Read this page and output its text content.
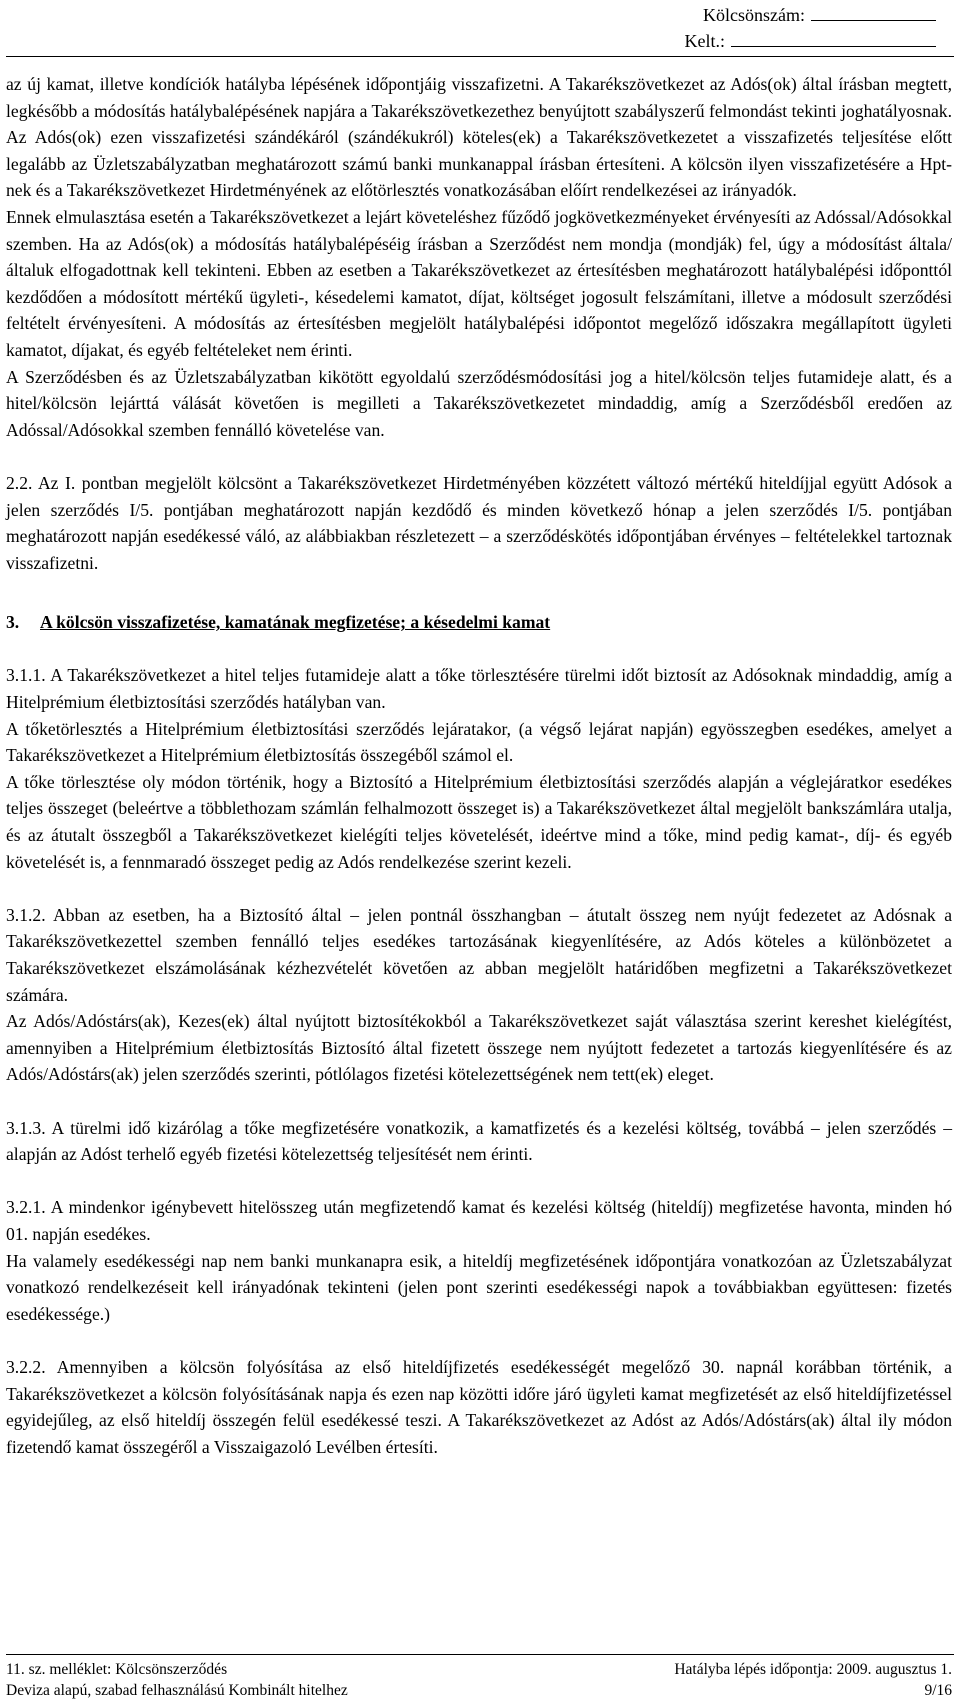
Kölcsönszám:
Kelt.:

az új kamat, illetve kondíciók hatályba lépésének időpontjáig visszafizetni. A Takarékszövetkezet az Adós(ok) által írásban megtett, legkésőbb a módosítás hatálybalépésének napjára a Takarékszövetkezethez benyújtott szabályszerű felmondást tekinti joghatályosnak. Az Adós(ok) ezen visszafizetési szándékáról (szándékukról) köteles(ek) a Takarékszövetkezetet a visszafizetés teljesítése előtt legalább az Üzletszabályzatban meghatározott számú banki munkanappal írásban értesíteni. A kölcsön ilyen visszafizetésére a Hpt-nek és a Takarékszövetkezet Hirdetményének az előtörlesztés vonatkozásában előírt rendelkezései az irányadók.

Ennek elmulasztása esetén a Takarékszövetkezet a lejárt követeléshez fűződő jogkövetkezményeket érvényesíti az Adóssal/Adósokkal szemben. Ha az Adós(ok) a módosítás hatálybalépéséig írásban a Szerződést nem mondja (mondják) fel, úgy a módosítást általa/általuk elfogadottnak kell tekinteni. Ebben az esetben a Takarékszövetkezet az értesítésben meghatározott hatálybalépési időponttól kezdődően a módosított mértékű ügyleti-, késedelemi kamatot, díjat, költséget jogosult felszámítani, illetve a módosult szerződési feltételt érvényesíteni. A módosítás az értesítésben megjelölt hatálybalépési időpontot megelőző időszakra megállapított ügyleti kamatot, díjakat, és egyéb feltételeket nem érinti.

A Szerződésben és az Üzletszabályzatban kikötött egyoldalú szerződésmódosítási jog a hitel/kölcsön teljes futamideje alatt, és a hitel/kölcsön lejárttá válását követően is megilleti a Takarékszövetkezetet mindaddig, amíg a Szerződésből eredően az Adóssal/Adósokkal szemben fennálló követelése van.

2.2. Az I. pontban megjelölt kölcsönt a Takarékszövetkezet Hirdetményében közzétett változó mértékű hiteldíjjal együtt Adósok a jelen szerződés I/5. pontjában meghatározott napján kezdődő és minden következő hónap a jelen szerződés I/5. pontjában meghatározott napján esedékessé váló, az alábbiakban részletezett – a szerződéskötés időpontjában érvényes – feltételekkel tartoznak visszafizetni.

3. A kölcsön visszafizetése, kamatának megfizetése; a késedelmi kamat

3.1.1. A Takarékszövetkezet a hitel teljes futamideje alatt a tőke törlesztésére türelmi időt biztosít az Adósoknak mindaddig, amíg a Hitelprémium életbiztosítási szerződés hatályban van.

A tőketörlesztés a Hitelprémium életbiztosítási szerződés lejáratakor, (a végső lejárat napján) egyösszegben esedékes, amelyet a Takarékszövetkezet a Hitelprémium életbiztosítás összegéből számol el.

A tőke törlesztése oly módon történik, hogy a Biztosító a Hitelprémium életbiztosítási szerződés alapján a véglejáratkor esedékes teljes összeget (beleértve a többlethozam számlán felhalmozott összeget is) a Takarékszövetkezet által megjelölt bankszámlára utalja, és az átutalt összegből a Takarékszövetkezet kielégíti teljes követelését, ideértve mind a tőke, mind pedig kamat-, díj- és egyéb követelését is, a fennmaradó összeget pedig az Adós rendelkezése szerint kezeli.

3.1.2. Abban az esetben, ha a Biztosító által – jelen pontnál összhangban – átutalt összeg nem nyújt fedezetet az Adósnak a Takarékszövetkezettel szemben fennálló teljes esedékes tartozásának kiegyenlítésére, az Adós köteles a különbözetet a Takarékszövetkezet elszámolásának kézhezvételét követően az abban megjelölt határidőben megfizetni a Takarékszövetkezet számára.

Az Adós/Adóstárs(ak), Kezes(ek) által nyújtott biztosítékokból a Takarékszövetkezet saját választása szerint kereshet kielégítést, amennyiben a Hitelprémium életbiztosítás Biztosító által fizetett összege nem nyújtott fedezetet a tartozás kiegyenlítésére és az Adós/Adóstárs(ak) jelen szerződés szerinti, pótlólagos fizetési kötelezettségének nem tett(ek) eleget.

3.1.3. A türelmi idő kizárólag a tőke megfizetésére vonatkozik, a kamatfizetés és a kezelési költség, továbbá – jelen szerződés – alapján az Adóst terhelő egyéb fizetési kötelezettség teljesítését nem érinti.

3.2.1. A mindenkor igénybevett hitelösszeg után megfizetendő kamat és kezelési költség (hiteldíj) megfizetése havonta, minden hó 01. napján esedékes.

Ha valamely esedékességi nap nem banki munkanapra esik, a hiteldíj megfizetésének időpontjára vonatkozóan az Üzletszabályzat vonatkozó rendelkezéseit kell irányadónak tekinteni (jelen pont szerinti esedékességi napok a továbbiakban együttesen: fizetés esedékessége.)

3.2.2. Amennyiben a kölcsön folyósítása az első hiteldíjfizetés esedékességét megelőző 30. napnál korábban történik, a Takarékszövetkezet a kölcsön folyósításának napja és ezen nap közötti időre járó ügyleti kamat megfizetését az első hiteldíjfizetéssel egyidejűleg, az első hiteldíj összegén felül esedékessé teszi. A Takarékszövetkezet az Adóst az Adós/Adóstárs(ak) által ily módon fizetendő kamat összegéről a Visszaigazoló Levélben értesíti.

11. sz. melléklet: Kölcsönszerződés	Hatályba lépés időpontja: 2009. augusztus 1.
Deviza alapú, szabad felhasználású Kombinált hitelhez	9/16
